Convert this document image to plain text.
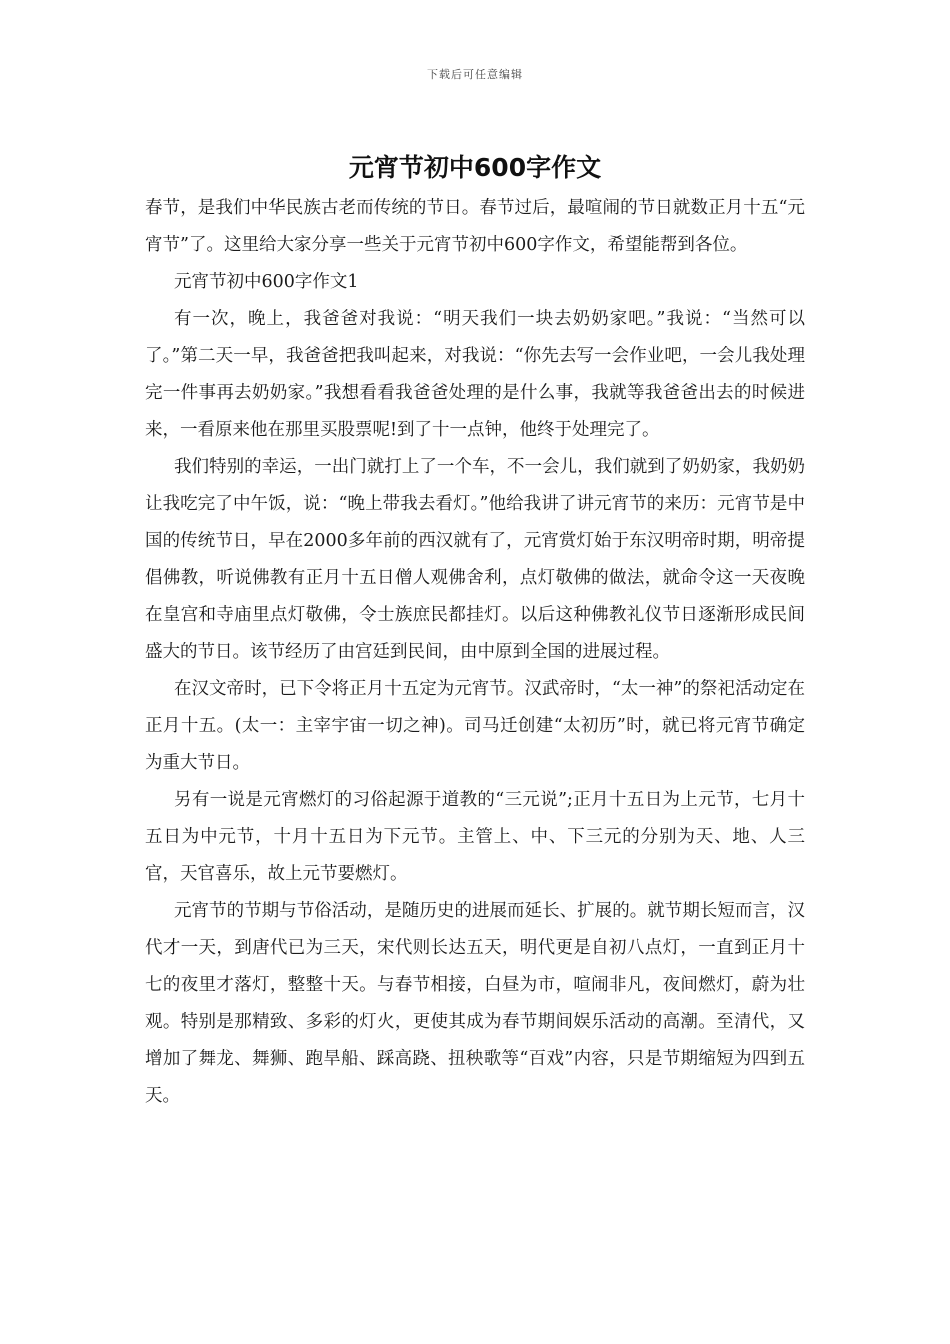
下载后可任意编辑
元宵节初中600字作文

春节，是我们中华民族古老而传统的节日。春节过后，最喧闹的节日就数正月十五“元宵节”了。这里给大家分享一些关于元宵节初中600字作文，希望能帮到各位。

元宵节初中600字作文1

有一次，晚上，我爸爸对我说：“明天我们一块去奶奶家吧。”我说：“当然可以了。”第二天一早，我爸爸把我叫起来，对我说：“你先去写一会作业吧，一会儿我处理完一件事再去奶奶家。”我想看看我爸爸处理的是什么事，我就等我爸爸出去的时候进来，一看原来他在那里买股票呢!到了十一点钟，他终于处理完了。

我们特别的幸运，一出门就打上了一个车，不一会儿，我们就到了奶奶家，我奶奶让我吃完了中午饭，说：“晚上带我去看灯。”他给我讲了讲元宵节的来历：元宵节是中国的传统节日，早在2000多年前的西汉就有了，元宵赏灯始于东汉明帝时期，明帝提倡佛教，听说佛教有正月十五日僧人观佛舍利，点灯敬佛的做法，就命令这一天夜晚在皇宫和寺庙里点灯敬佛，令士族庶民都挂灯。以后这种佛教礼仪节日逐渐形成民间盛大的节日。该节经历了由宫廷到民间，由中原到全国的进展过程。

在汉文帝时，已下令将正月十五定为元宵节。汉武帝时，“太一神”的祭祀活动定在正月十五。(太一：主宰宇宙一切之神)。司马迁创建“太初历”时，就已将元宵节确定为重大节日。

另有一说是元宵燃灯的习俗起源于道教的“三元说”;正月十五日为上元节，七月十五日为中元节，十月十五日为下元节。主管上、中、下三元的分别为天、地、人三官，天官喜乐，故上元节要燃灯。

元宵节的节期与节俗活动，是随历史的进展而延长、扩展的。就节期长短而言，汉代才一天，到唐代已为三天，宋代则长达五天，明代更是自初八点灯，一直到正月十七的夜里才落灯，整整十天。与春节相接，白昼为市，喧闹非凡，夜间燃灯，蔚为壮观。特别是那精致、多彩的灯火，更使其成为春节期间娱乐活动的高潮。至清代，又增加了舞龙、舞狮、跑旱船、踩高跷、扭秧歌等“百戏”内容，只是节期缩短为四到五天。
